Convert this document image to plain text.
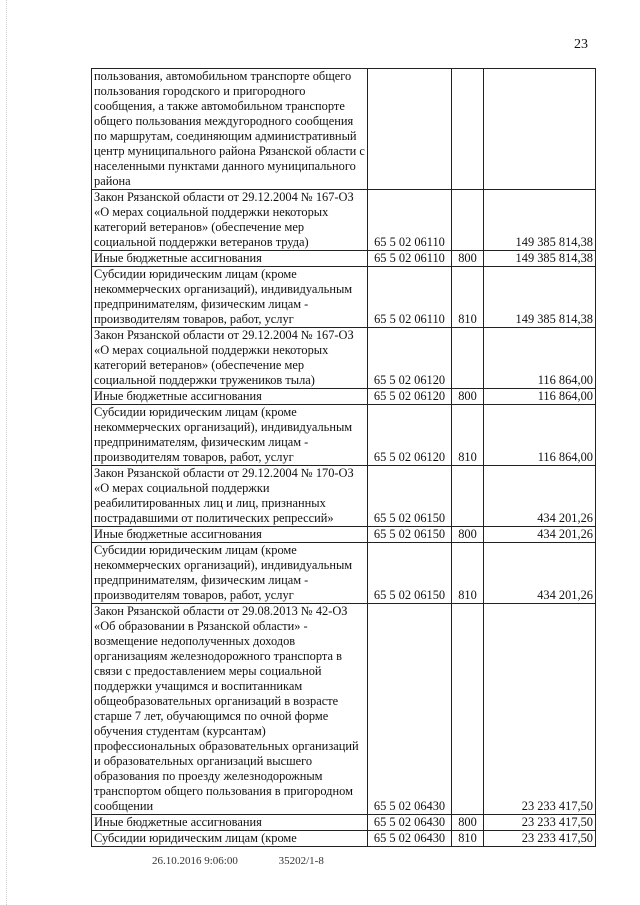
23
пользования, автомобильном транспорте общего пользования городского и пригородного сообщения, а также автомобильном транспорте общего пользования междугородного сообщения по маршрутам, соединяющим административный центр муниципального района Рязанской области с населенными пунктами данного муниципального района			
Закон Рязанской области от 29.12.2004 № 167-ОЗ «О мерах социальной поддержки некоторых категорий ветеранов» (обеспечение мер социальной поддержки ветеранов труда)	65 5 02 06110		149 385 814,38
Иные бюджетные ассигнования	65 5 02 06110	800	149 385 814,38
Субсидии юридическим лицам (кроме некоммерческих организаций), индивидуальным предпринимателям, физическим лицам - производителям товаров, работ, услуг	65 5 02 06110	810	149 385 814,38
Закон Рязанской области от 29.12.2004 № 167-ОЗ «О мерах социальной поддержки некоторых категорий ветеранов» (обеспечение мер социальной поддержки тружеников тыла)	65 5 02 06120		116 864,00
Иные бюджетные ассигнования	65 5 02 06120	800	116 864,00
Субсидии юридическим лицам (кроме некоммерческих организаций), индивидуальным предпринимателям, физическим лицам - производителям товаров, работ, услуг	65 5 02 06120	810	116 864,00
Закон Рязанской области от 29.12.2004 № 170-ОЗ «О мерах социальной поддержки реабилитированных лиц и лиц, признанных пострадавшими от политических репрессий»	65 5 02 06150		434 201,26
Иные бюджетные ассигнования	65 5 02 06150	800	434 201,26
Субсидии юридическим лицам (кроме некоммерческих организаций), индивидуальным предпринимателям, физическим лицам - производителям товаров, работ, услуг	65 5 02 06150	810	434 201,26
Закон Рязанской области от 29.08.2013 № 42-ОЗ «Об образовании в Рязанской области» - возмещение недополученных доходов организациям железнодорожного транспорта в связи с предоставлением меры социальной поддержки учащимся и воспитанникам общеобразовательных организаций в возрасте старше 7 лет, обучающимся по очной форме обучения студентам (курсантам) профессиональных образовательных организаций и образовательных организаций высшего образования по проезду железнодорожным транспортом общего пользования в пригородном сообщении	65 5 02 06430		23 233 417,50
Иные бюджетные ассигнования	65 5 02 06430	800	23 233 417,50
Субсидии юридическим лицам (кроме	65 5 02 06430	810	23 233 417,50
26.10.2016 9:06:00	35202/1-8
